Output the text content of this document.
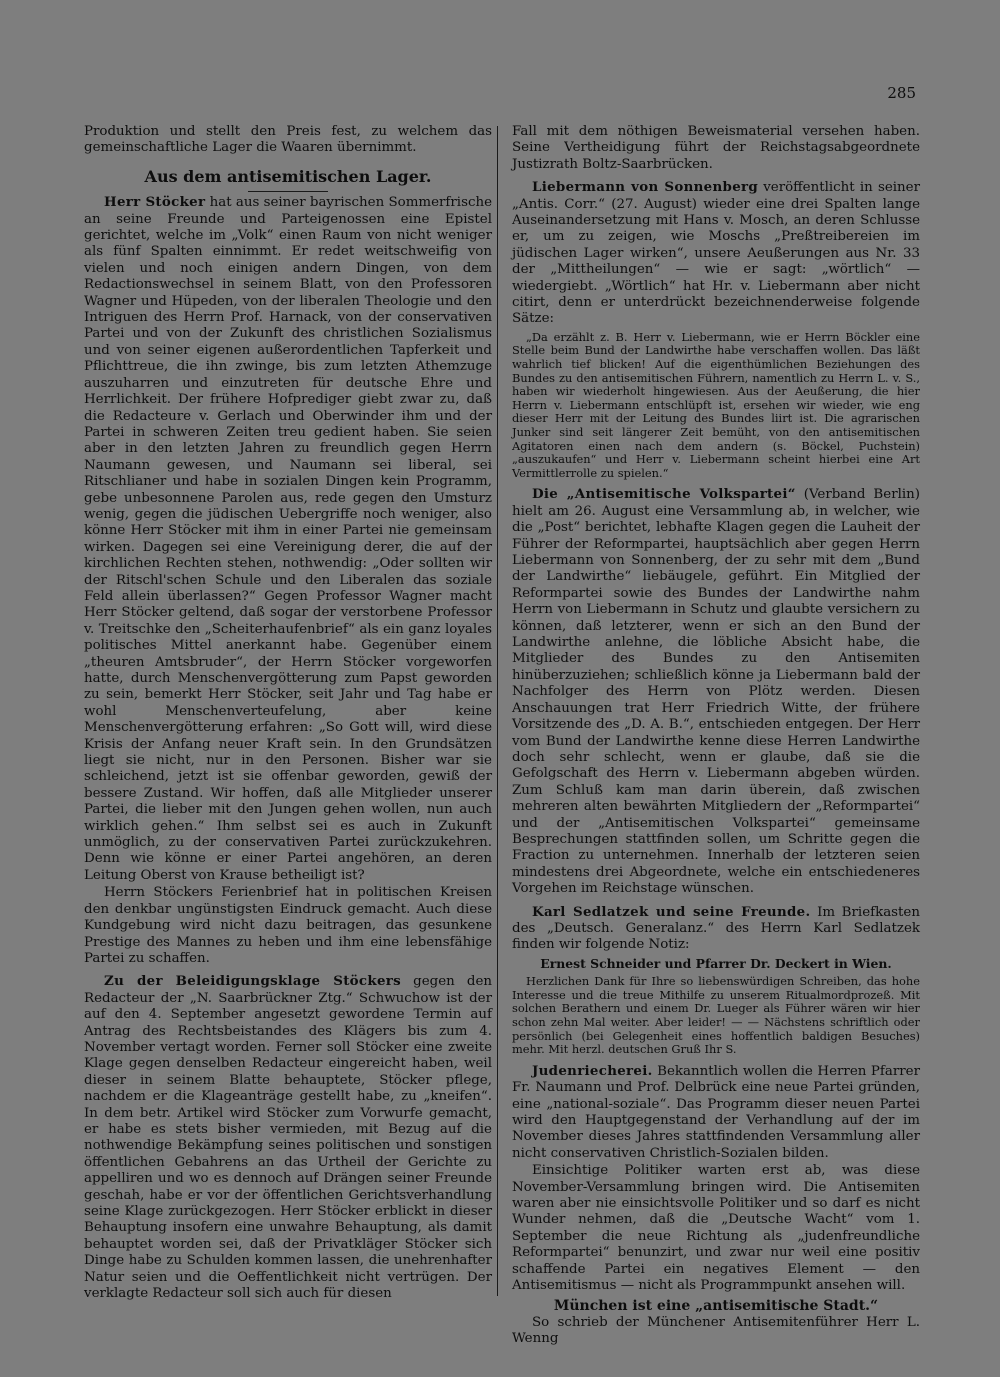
285

Produktion und stellt den Preis fest, zu welchem das gemeinschaftliche Lager die Waaren übernimmt.

Aus dem antisemitischen Lager.

Herr Stöcker hat aus seiner bayrischen Sommerfrische an seine Freunde und Parteigenossen eine Epistel gerichtet, welche im „Volk“ einen Raum von nicht weniger als fünf Spalten einnimmt. Er redet weitschweifig von vielen und noch einigen andern Dingen, von dem Redactionswechsel in seinem Blatt, von den Professoren Wagner und Hüpeden, von der liberalen Theologie und den Intriguen des Herrn Prof. Harnack, von der conservativen Partei und von der Zukunft des christlichen Sozialismus und von seiner eigenen außerordentlichen Tapferkeit und Pflichttreue, die ihn zwinge, bis zum letzten Athemzuge auszuharren und einzutreten für deutsche Ehre und Herrlichkeit. Der frühere Hofprediger giebt zwar zu, daß die Redacteure v. Gerlach und Oberwinder ihm und der Partei in schweren Zeiten treu gedient haben. Sie seien aber in den letzten Jahren zu freundlich gegen Herrn Naumann gewesen, und Naumann sei liberal, sei Ritschlianer und habe in sozialen Dingen kein Programm, gebe unbesonnene Parolen aus, rede gegen den Umsturz wenig, gegen die jüdischen Uebergriffe noch weniger, also könne Herr Stöcker mit ihm in einer Partei nie gemeinsam wirken. Dagegen sei eine Vereinigung derer, die auf der kirchlichen Rechten stehen, nothwendig: „Oder sollten wir der Ritschl'schen Schule und den Liberalen das soziale Feld allein überlassen?“ Gegen Professor Wagner macht Herr Stöcker geltend, daß sogar der verstorbene Professor v. Treitschke den „Scheiterhaufenbrief“ als ein ganz loyales politisches Mittel anerkannt habe. Gegenüber einem „theuren Amtsbruder“, der Herrn Stöcker vorgeworfen hatte, durch Menschenvergötterung zum Papst geworden zu sein, bemerkt Herr Stöcker, seit Jahr und Tag habe er wohl Menschenverteufelung, aber keine Menschenvergötterung erfahren: „So Gott will, wird diese Krisis der Anfang neuer Kraft sein. In den Grundsätzen liegt sie nicht, nur in den Personen. Bisher war sie schleichend, jetzt ist sie offenbar geworden, gewiß der bessere Zustand. Wir hoffen, daß alle Mitglieder unserer Partei, die lieber mit den Jungen gehen wollen, nun auch wirklich gehen.“ Ihm selbst sei es auch in Zukunft unmöglich, zu der conservativen Partei zurückzukehren. Denn wie könne er einer Partei angehören, an deren Leitung Oberst von Krause betheiligt ist?

Herrn Stöckers Ferienbrief hat in politischen Kreisen den denkbar ungünstigsten Eindruck gemacht. Auch diese Kundgebung wird nicht dazu beitragen, das gesunkene Prestige des Mannes zu heben und ihm eine lebensfähige Partei zu schaffen.

Zu der Beleidigungsklage Stöckers gegen den Redacteur der „N. Saarbrückner Ztg.“ Schwuchow ist der auf den 4. September angesetzt gewordene Termin auf Antrag des Rechtsbeistandes des Klägers bis zum 4. November vertagt worden. Ferner soll Stöcker eine zweite Klage gegen denselben Redacteur eingereicht haben, weil dieser in seinem Blatte behauptete, Stöcker pflege, nachdem er die Klageanträge gestellt habe, zu „kneifen“. In dem betr. Artikel wird Stöcker zum Vorwurfe gemacht, er habe es stets bisher vermieden, mit Bezug auf die nothwendige Bekämpfung seines politischen und sonstigen öffentlichen Gebahrens an das Urtheil der Gerichte zu appelliren und wo es dennoch auf Drängen seiner Freunde geschah, habe er vor der öffentlichen Gerichtsverhandlung seine Klage zurückgezogen. Herr Stöcker erblickt in dieser Behauptung insofern eine unwahre Behauptung, als damit behauptet worden sei, daß der Privatkläger Stöcker sich Dinge habe zu Schulden kommen lassen, die unehrenhafter Natur seien und die Oeffentlichkeit nicht vertrügen. Der verklagte Redacteur soll sich auch für diesen

Fall mit dem nöthigen Beweismaterial versehen haben. Seine Vertheidigung führt der Reichstagsabgeordnete Justizrath Boltz-Saarbrücken.

Liebermann von Sonnenberg veröffentlicht in seiner „Antis. Corr.“ (27. August) wieder eine drei Spalten lange Auseinandersetzung mit Hans v. Mosch, an deren Schlusse er, um zu zeigen, wie Moschs „Preßtreibereien im jüdischen Lager wirken“, unsere Aeußerungen aus Nr. 33 der „Mittheilungen“ — wie er sagt: „wörtlich“ — wiedergiebt. „Wörtlich“ hat Hr. v. Liebermann aber nicht citirt, denn er unterdrückt bezeichnenderweise folgende Sätze:

„Da erzählt z. B. Herr v. Liebermann, wie er Herrn Böckler eine Stelle beim Bund der Landwirthe habe verschaffen wollen. Das läßt wahrlich tief blicken! Auf die eigenthümlichen Beziehungen des Bundes zu den antisemitischen Führern, namentlich zu Herrn L. v. S., haben wir wiederholt hingewiesen. Aus der Aeußerung, die hier Herrn v. Liebermann entschlüpft ist, ersehen wir wieder, wie eng dieser Herr mit der Leitung des Bundes liirt ist. Die agrarischen Junker sind seit längerer Zeit bemüht, von den antisemitischen Agitatoren einen nach dem andern (s. Böckel, Puchstein) „auszukaufen“ und Herr v. Liebermann scheint hierbei eine Art Vermittlerrolle zu spielen.“

Die „Antisemitische Volkspartei“ (Verband Berlin) hielt am 26. August eine Versammlung ab, in welcher, wie die „Post“ berichtet, lebhafte Klagen gegen die Lauheit der Führer der Reformpartei, hauptsächlich aber gegen Herrn Liebermann von Sonnenberg, der zu sehr mit dem „Bund der Landwirthe“ liebäugele, geführt. Ein Mitglied der Reformpartei sowie des Bundes der Landwirthe nahm Herrn von Liebermann in Schutz und glaubte versichern zu können, daß letzterer, wenn er sich an den Bund der Landwirthe anlehne, die löbliche Absicht habe, die Mitglieder des Bundes zu den Antisemiten hinüberzuziehen; schließlich könne ja Liebermann bald der Nachfolger des Herrn von Plötz werden. Diesen Anschauungen trat Herr Friedrich Witte, der frühere Vorsitzende des „D. A. B.“, entschieden entgegen. Der Herr vom Bund der Landwirthe kenne diese Herren Landwirthe doch sehr schlecht, wenn er glaube, daß sie die Gefolgschaft des Herrn v. Liebermann abgeben würden. Zum Schluß kam man darin überein, daß zwischen mehreren alten bewährten Mitgliedern der „Reformpartei“ und der „Antisemitischen Volkspartei“ gemeinsame Besprechungen stattfinden sollen, um Schritte gegen die Fraction zu unternehmen. Innerhalb der letzteren seien mindestens drei Abgeordnete, welche ein entschiedeneres Vorgehen im Reichstage wünschen.

Karl Sedlatzek und seine Freunde. Im Briefkasten des „Deutsch. Generalanz.“ des Herrn Karl Sedlatzek finden wir folgende Notiz:

Ernest Schneider und Pfarrer Dr. Deckert in Wien.

Herzlichen Dank für Ihre so liebenswürdigen Schreiben, das hohe Interesse und die treue Mithilfe zu unserem Ritualmordprozeß. Mit solchen Berathern und einem Dr. Lueger als Führer wären wir hier schon zehn Mal weiter. Aber leider! — — Nächstens schriftlich oder persönlich (bei Gelegenheit eines hoffentlich baldigen Besuches) mehr. Mit herzl. deutschen Gruß Ihr S.

Judenriecherei. Bekanntlich wollen die Herren Pfarrer Fr. Naumann und Prof. Delbrück eine neue Partei gründen, eine „national-soziale“. Das Programm dieser neuen Partei wird den Hauptgegenstand der Verhandlung auf der im November dieses Jahres stattfindenden Versammlung aller nicht conservativen Christlich-Sozialen bilden.

Einsichtige Politiker warten erst ab, was diese November-Versammlung bringen wird. Die Antisemiten waren aber nie einsichtsvolle Politiker und so darf es nicht Wunder nehmen, daß die „Deutsche Wacht“ vom 1. September die neue Richtung als „judenfreundliche Reformpartei“ benunzirt, und zwar nur weil eine positiv schaffende Partei ein negatives Element — den Antisemitismus — nicht als Programmpunkt ansehen will.

München ist eine „antisemitische Stadt.“

So schrieb der Münchener Antisemitenführer Herr L. Wenng
